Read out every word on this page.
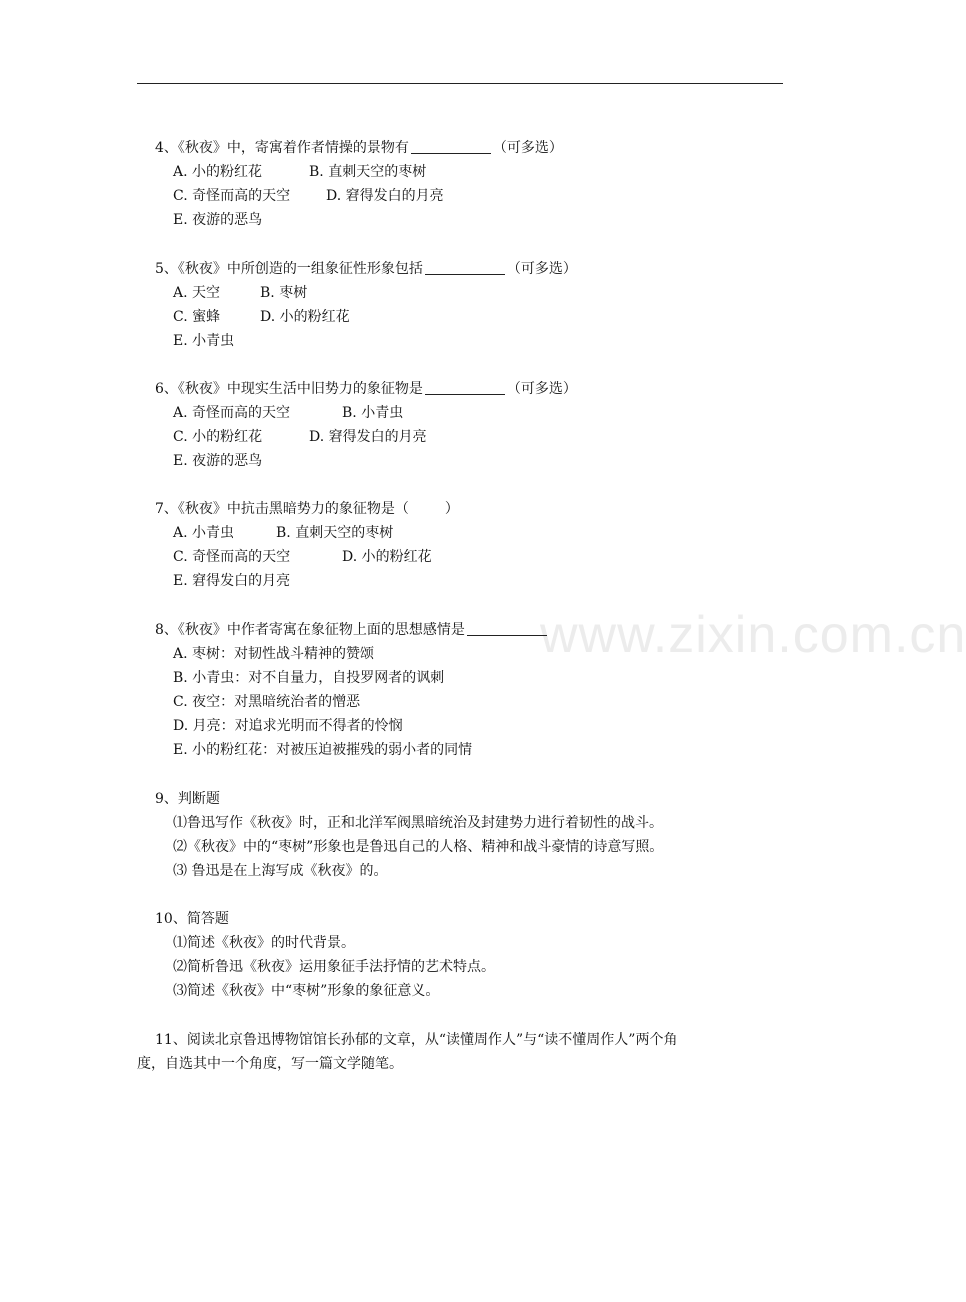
www.zixin.com.cn
4、《秋夜》中，寄寓着作者情操的景物有	（可多选）
A. 小的粉红花	B. 直刺天空的枣树
C. 奇怪而高的天空	D. 窘得发白的月亮
E. 夜游的恶鸟
5、《秋夜》中所创造的一组象征性形象包括	（可多选）
A. 天空	B. 枣树
C. 蜜蜂	D. 小的粉红花
E. 小青虫
6、《秋夜》中现实生活中旧势力的象征物是	（可多选）
A. 奇怪而高的天空	B. 小青虫
C. 小的粉红花	D. 窘得发白的月亮
E. 夜游的恶鸟
7、《秋夜》中抗击黑暗势力的象征物是（	）
A. 小青虫	B. 直刺天空的枣树
C. 奇怪而高的天空	D. 小的粉红花
E. 窘得发白的月亮
8、《秋夜》中作者寄寓在象征物上面的思想感情是
A. 枣树：对韧性战斗精神的赞颂
B. 小青虫：对不自量力，自投罗网者的讽刺
C. 夜空：对黑暗统治者的憎恶
D. 月亮：对追求光明而不得者的怜悯
E. 小的粉红花：对被压迫被摧残的弱小者的同情
9、判断题
⑴鲁迅写作《秋夜》时，正和北洋军阀黑暗统治及封建势力进行着韧性的战斗。
⑵《秋夜》中的“枣树”形象也是鲁迅自己的人格、精神和战斗豪情的诗意写照。
⑶ 鲁迅是在上海写成《秋夜》的。
10、简答题
⑴简述《秋夜》的时代背景。
⑵简析鲁迅《秋夜》运用象征手法抒情的艺术特点。
⑶简述《秋夜》中“枣树”形象的象征意义。
11、阅读北京鲁迅博物馆馆长孙郁的文章，从“读懂周作人”与“读不懂周作人”两个角
度，自选其中一个角度，写一篇文学随笔。
